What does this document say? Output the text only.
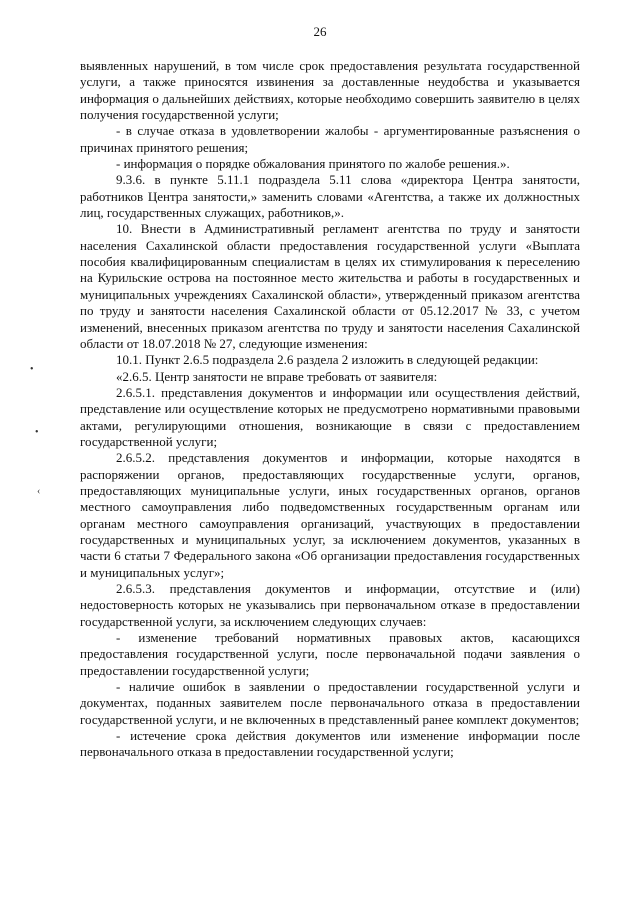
26
•
•
‹

выявленных нарушений, в том числе срок предоставления результата государственной услуги, а также приносятся извинения за доставленные неудобства и указывается информация о дальнейших действиях, которые необходимо совершить заявителю в целях получения государственной услуги;

- в случае отказа в удовлетворении жалобы - аргументированные разъяснения о причинах принятого решения;

- информация о порядке обжалования принятого по жалобе решения.».

9.3.6. в пункте 5.11.1 подраздела 5.11 слова «директора Центра занятости, работников Центра занятости,» заменить словами «Агентства, а также их должностных лиц, государственных служащих, работников,».

10. Внести в Административный регламент агентства по труду и занятости населения Сахалинской области предоставления государственной услуги «Выплата пособия квалифицированным специалистам в целях их стимулирования к переселению на Курильские острова на постоянное место жительства и работы в государственных и муниципальных учреждениях Сахалинской области», утвержденный приказом агентства по труду и занятости населения Сахалинской области от 05.12.2017 № 33, с учетом изменений, внесенных приказом агентства по труду и занятости населения Сахалинской области от 18.07.2018 № 27, следующие изменения:

10.1. Пункт 2.6.5 подраздела 2.6 раздела 2 изложить в следующей редакции:

«2.6.5. Центр занятости не вправе требовать от заявителя:

2.6.5.1. представления документов и информации или осуществления действий, представление или осуществление которых не предусмотрено нормативными правовыми актами, регулирующими отношения, возникающие в связи с предоставлением государственной услуги;

2.6.5.2. представления документов и информации, которые находятся в распоряжении органов, предоставляющих государственные услуги, органов, предоставляющих муниципальные услуги, иных государственных органов, органов местного самоуправления либо подведомственных государственным органам или органам местного самоуправления организаций, участвующих в предоставлении государственных и муниципальных услуг, за исключением документов, указанных в части 6 статьи 7 Федерального закона «Об организации предоставления государственных и муниципальных услуг»;

2.6.5.3. представления документов и информации, отсутствие и (или) недостоверность которых не указывались при первоначальном отказе в предоставлении государственной услуги, за исключением следующих случаев:

- изменение требований нормативных правовых актов, касающихся предоставления государственной услуги, после первоначальной подачи заявления о предоставлении государственной услуги;

- наличие ошибок в заявлении о предоставлении государственной услуги и документах, поданных заявителем после первоначального отказа в предоставлении государственной услуги, и не включенных в представленный ранее комплект документов;

- истечение срока действия документов или изменение информации после первоначального отказа в предоставлении государственной услуги;
